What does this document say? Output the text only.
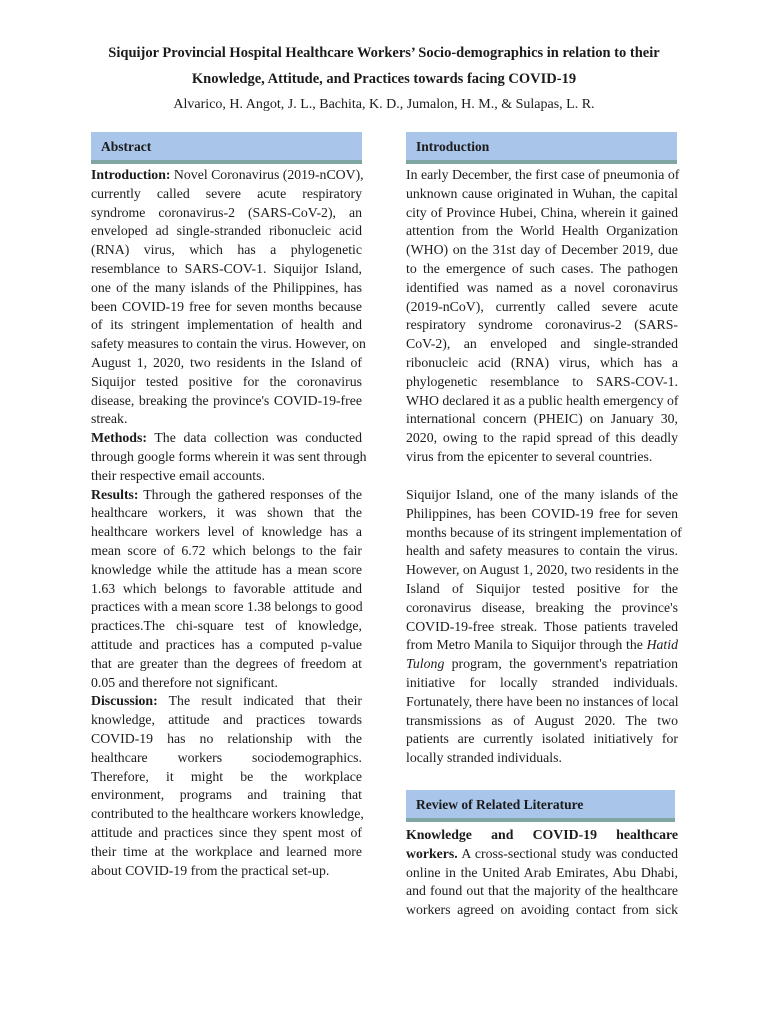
Siquijor Provincial Hospital Healthcare Workers’ Socio-demographics in relation to their
Knowledge, Attitude, and Practices towards facing COVID-19
Alvarico, H. Angot, J. L., Bachita, K. D., Jumalon, H. M., & Sulapas, L. R.
Abstract
Introduction: Novel Coronavirus (2019-nCOV),
currently called severe acute respiratory
syndrome coronavirus-2 (SARS-CoV-2), an
enveloped ad single-stranded ribonucleic acid
(RNA) virus, which has a phylogenetic
resemblance to SARS-COV-1. Siquijor Island,
one of the many islands of the Philippines, has
been COVID-19 free for seven months because
of its stringent implementation of health and
safety measures to contain the virus. However, on
August 1, 2020, two residents in the Island of
Siquijor tested positive for the coronavirus
disease, breaking the province's COVID-19-free
streak.
Methods: The data collection was conducted
through google forms wherein it was sent through
their respective email accounts.
Results: Through the gathered responses of the
healthcare workers, it was shown that the
healthcare workers level of knowledge has a
mean score of 6.72 which belongs to the fair
knowledge while the attitude has a mean score
1.63 which belongs to favorable attitude and
practices with a mean score 1.38 belongs to good
practices.The chi-square test of knowledge,
attitude and practices has a computed p-value
that are greater than the degrees of freedom at
0.05 and therefore not significant.
Discussion: The result indicated that their
knowledge, attitude and practices towards
COVID-19 has no relationship with the
healthcare workers sociodemographics.
Therefore, it might be the workplace
environment, programs and training that
contributed to the healthcare workers knowledge,
attitude and practices since they spent most of
their time at the workplace and learned more
about COVID-19 from the practical set-up.
Introduction
In early December, the first case of pneumonia of
unknown cause originated in Wuhan, the capital
city of Province Hubei, China, wherein it gained
attention from the World Health Organization
(WHO) on the 31st day of December 2019, due
to the emergence of such cases. The pathogen
identified was named as a novel coronavirus
(2019-nCoV), currently called severe acute
respiratory syndrome coronavirus-2 (SARS-
CoV-2), an enveloped and single-stranded
ribonucleic acid (RNA) virus, which has a
phylogenetic resemblance to SARS-COV-1.
WHO declared it as a public health emergency of
international concern (PHEIC) on January 30,
2020, owing to the rapid spread of this deadly
virus from the epicenter to several countries.
Siquijor Island, one of the many islands of the
Philippines, has been COVID-19 free for seven
months because of its stringent implementation of
health and safety measures to contain the virus.
However, on August 1, 2020, two residents in the
Island of Siquijor tested positive for the
coronavirus disease, breaking the province's
COVID-19-free streak. Those patients traveled
from Metro Manila to Siquijor through the Hatid
Tulong program, the government's repatriation
initiative for locally stranded individuals.
Fortunately, there have been no instances of local
transmissions as of August 2020. The two
patients are currently isolated initiatively for
locally stranded individuals.
Review of Related Literature
Knowledge and COVID-19 healthcare
workers. A cross-sectional study was conducted
online in the United Arab Emirates, Abu Dhabi,
and found out that the majority of the healthcare
workers agreed on avoiding contact from sick
